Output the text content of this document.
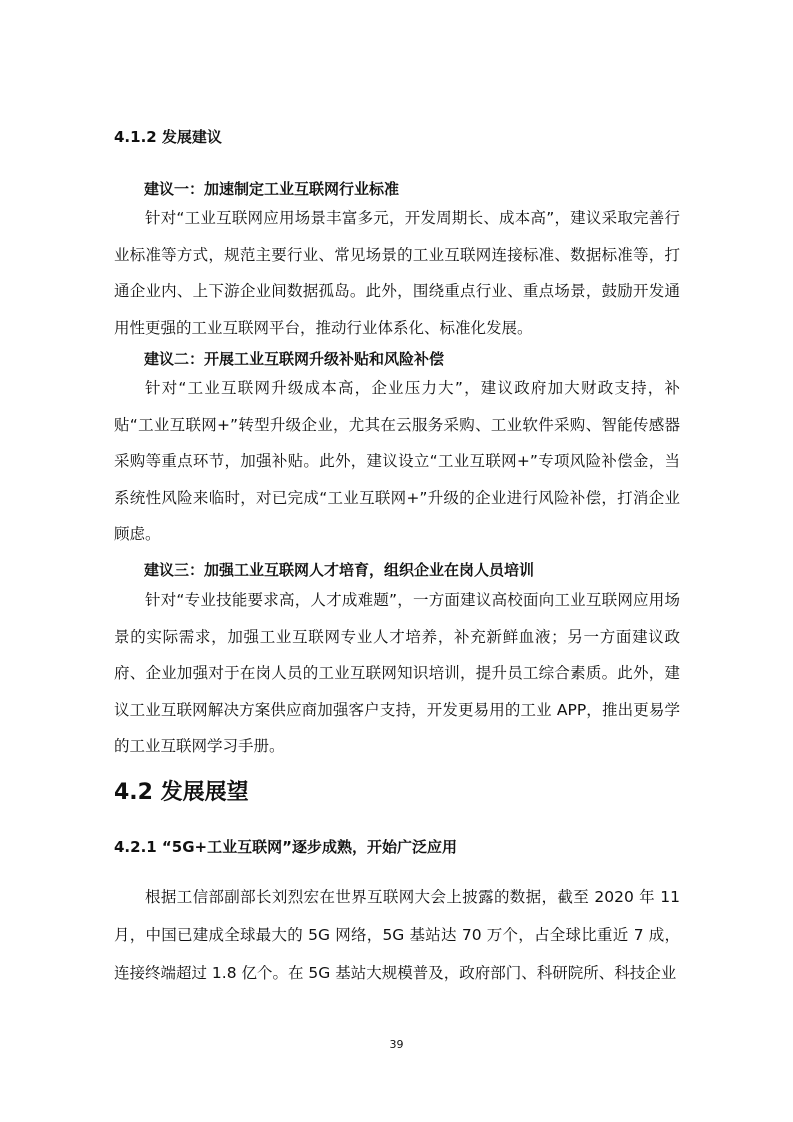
4.1.2 发展建议
建议一：加速制定工业互联网行业标准

针对“工业互联网应用场景丰富多元，开发周期长、成本高”，建议采取完善行业标准等方式，规范主要行业、常见场景的工业互联网连接标准、数据标准等，打通企业内、上下游企业间数据孤岛。此外，围绕重点行业、重点场景，鼓励开发通用性更强的工业互联网平台，推动行业体系化、标准化发展。

建议二：开展工业互联网升级补贴和风险补偿

针对“工业互联网升级成本高，企业压力大”，建议政府加大财政支持，补贴“工业互联网+”转型升级企业，尤其在云服务采购、工业软件采购、智能传感器采购等重点环节，加强补贴。此外，建议设立“工业互联网+”专项风险补偿金，当系统性风险来临时，对已完成“工业互联网+”升级的企业进行风险补偿，打消企业顾虑。

建议三：加强工业互联网人才培育，组织企业在岗人员培训

针对“专业技能要求高，人才成难题”，一方面建议高校面向工业互联网应用场景的实际需求，加强工业互联网专业人才培养，补充新鲜血液；另一方面建议政府、企业加强对于在岗人员的工业互联网知识培训，提升员工综合素质。此外，建议工业互联网解决方案供应商加强客户支持，开发更易用的工业 APP，推出更易学的工业互联网学习手册。

4.2 发展展望
4.2.1 “5G+工业互联网”逐步成熟，开始广泛应用

根据工信部副部长刘烈宏在世界互联网大会上披露的数据，截至 2020 年 11 月，中国已建成全球最大的 5G 网络，5G 基站达 70 万个，占全球比重近 7 成，连接终端超过 1.8 亿个。在 5G 基站大规模普及，政府部门、科研院所、科技企业

39
